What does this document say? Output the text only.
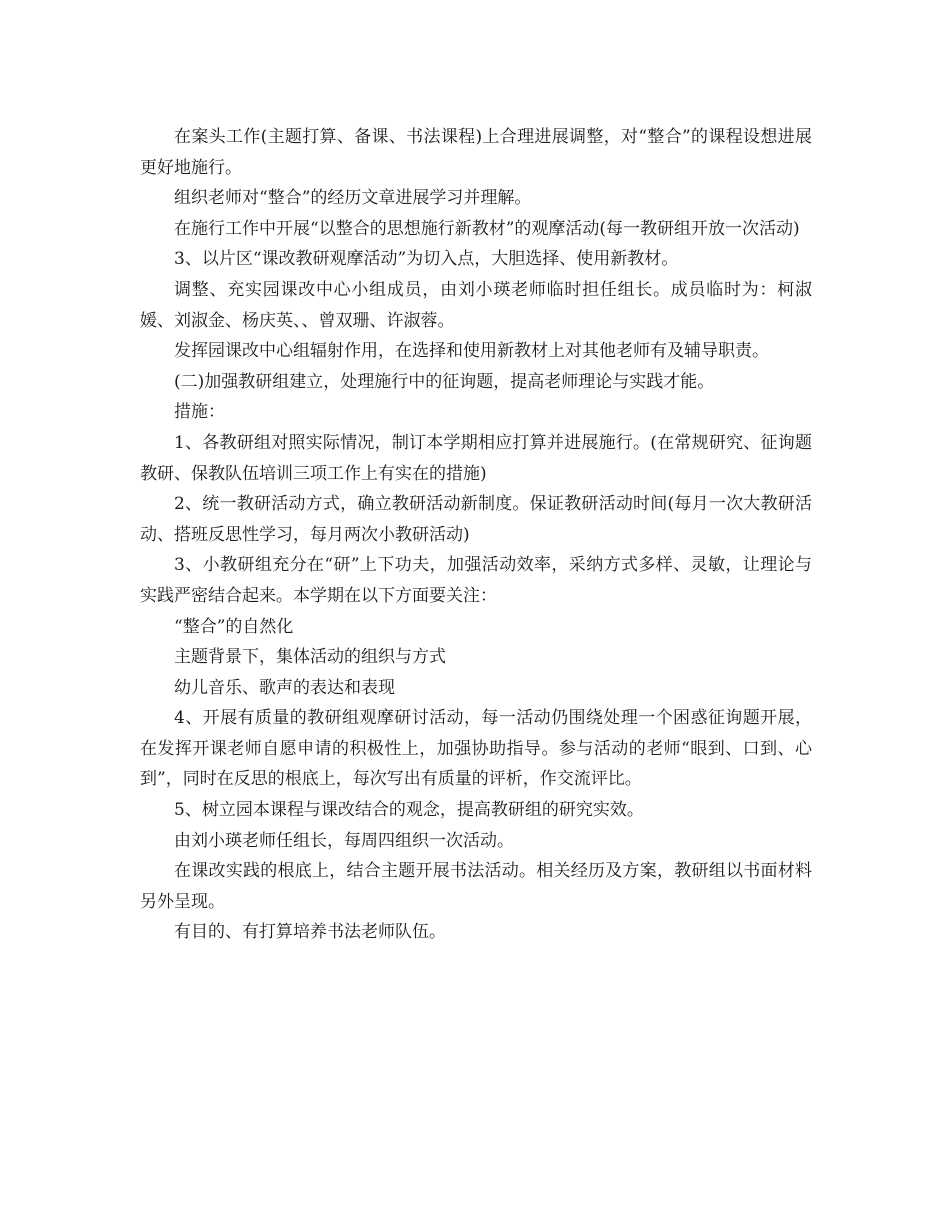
在案头工作(主题打算、备课、书法课程)上合理进展调整，对“整合”的课程设想进展更好地施行。

组织老师对“整合”的经历文章进展学习并理解。

在施行工作中开展“以整合的思想施行新教材”的观摩活动(每一教研组开放一次活动)

3、以片区“课改教研观摩活动”为切入点，大胆选择、使用新教材。

调整、充实园课改中心小组成员，由刘小瑛老师临时担任组长。成员临时为：柯淑媛、刘淑金、杨庆英、、曾双珊、许淑蓉。

发挥园课改中心组辐射作用，在选择和使用新教材上对其他老师有及辅导职责。

(二)加强教研组建立，处理施行中的征询题，提高老师理论与实践才能。

措施：

1、各教研组对照实际情况，制订本学期相应打算并进展施行。(在常规研究、征询题教研、保教队伍培训三项工作上有实在的措施)

2、统一教研活动方式，确立教研活动新制度。保证教研活动时间(每月一次大教研活动、搭班反思性学习，每月两次小教研活动)

3、小教研组充分在“研”上下功夫，加强活动效率，采纳方式多样、灵敏，让理论与实践严密结合起来。本学期在以下方面要关注：

“整合”的自然化

主题背景下，集体活动的组织与方式

幼儿音乐、歌声的表达和表现

4、开展有质量的教研组观摩研讨活动，每一活动仍围绕处理一个困惑征询题开展，在发挥开课老师自愿申请的积极性上，加强协助指导。参与活动的老师“眼到、口到、心到”，同时在反思的根底上，每次写出有质量的评析，作交流评比。

5、树立园本课程与课改结合的观念，提高教研组的研究实效。

由刘小瑛老师任组长，每周四组织一次活动。

在课改实践的根底上，结合主题开展书法活动。相关经历及方案，教研组以书面材料另外呈现。

有目的、有打算培养书法老师队伍。
